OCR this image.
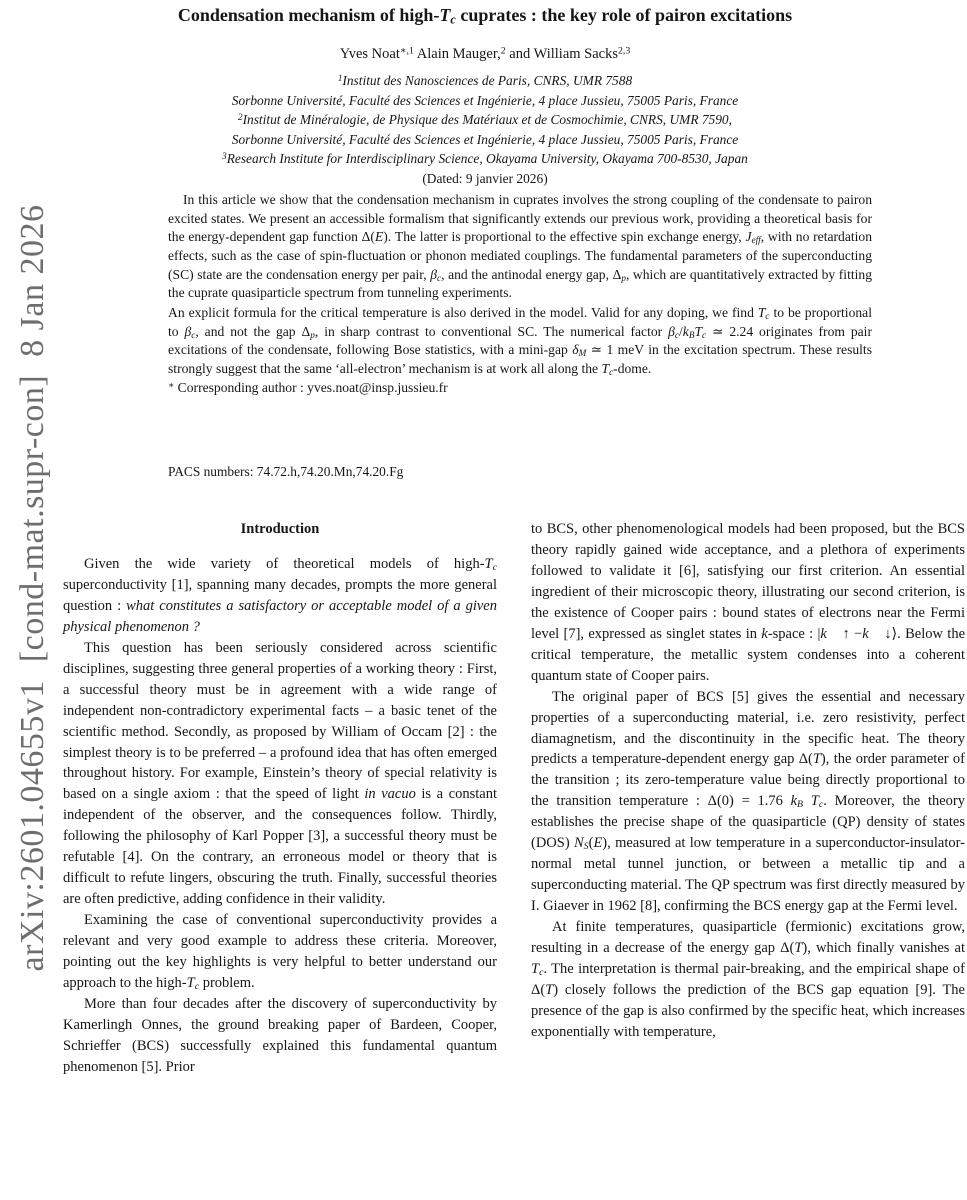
arXiv:2601.04655v1  [cond-mat.supr-con]  8 Jan 2026
Condensation mechanism of high-$T_c$ cuprates : the key role of pairon excitations
Yves Noat$^{∗,1}$ Alain Mauger,$^2$ and William Sacks$^{2,3}$
$^1$Institut des Nanosciences de Paris, CNRS, UMR 7588
Sorbonne Université, Faculté des Sciences et Ingénierie, 4 place Jussieu, 75005 Paris, France
$^2$Institut de Minéralogie, de Physique des Matériaux et de Cosmochimie, CNRS, UMR 7590,
Sorbonne Université, Faculté des Sciences et Ingénierie, 4 place Jussieu, 75005 Paris, France
$^3$Research Institute for Interdisciplinary Science, Okayama University, Okayama 700-8530, Japan
(Dated: 9 janvier 2026)

In this article we show that the condensation mechanism in cuprates involves the strong coupling of the condensate to pairon excited states. We present an accessible formalism that significantly extends our previous work, providing a theoretical basis for the energy-dependent gap function Δ(E). The latter is proportional to the effective spin exchange energy, $J_{eff}$, with no retardation effects, such as the case of spin-fluctuation or phonon mediated couplings. The fundamental parameters of the superconducting (SC) state are the condensation energy per pair, $\beta_c$, and the antinodal energy gap, $\Delta_p$, which are quantitatively extracted by fitting the cuprate quasiparticle spectrum from tunneling experiments.

An explicit formula for the critical temperature is also derived in the model. Valid for any doping, we find $T_c$ to be proportional to $\beta_c$, and not the gap $\Delta_p$, in sharp contrast to conventional SC. The numerical factor $\beta_c/k_BT_c$ ≃ 2.24 originates from pair excitations of the condensate, following Bose statistics, with a mini-gap $\delta_M$ ≃ 1 meV in the excitation spectrum. These results strongly suggest that the same ‘all-electron’ mechanism is at work all along the $T_c$-dome.

∗ Corresponding author : yves.noat@insp.jussieu.fr

PACS numbers: 74.72.h,74.20.Mn,74.20.Fg
Introduction

Given the wide variety of theoretical models of high-$T_c$ superconductivity [1], spanning many decades, prompts the more general question : what constitutes a satisfactory or acceptable model of a given physical phenomenon ?

This question has been seriously considered across scientific disciplines, suggesting three general properties of a working theory : First, a successful theory must be in agreement with a wide range of independent non-contradictory experimental facts – a basic tenet of the scientific method. Secondly, as proposed by William of Occam [2] : the simplest theory is to be preferred – a profound idea that has often emerged throughout history. For example, Einstein’s theory of special relativity is based on a single axiom : that the speed of light in vacuo is a constant independent of the observer, and the consequences follow. Thirdly, following the philosophy of Karl Popper [3], a successful theory must be refutable [4]. On the contrary, an erroneous model or theory that is difficult to refute lingers, obscuring the truth. Finally, successful theories are often predictive, adding confidence in their validity.

Examining the case of conventional superconductivity provides a relevant and very good example to address these criteria. Moreover, pointing out the key highlights is very helpful to better understand our approach to the high-$T_c$ problem.

More than four decades after the discovery of superconductivity by Kamerlingh Onnes, the ground breaking paper of Bardeen, Cooper, Schrieffer (BCS) successfully explained this fundamental quantum phenomenon [5]. Prior

to BCS, other phenomenological models had been proposed, but the BCS theory rapidly gained wide acceptance, and a plethora of experiments followed to validate it [6], satisfying our first criterion. An essential ingredient of their microscopic theory, illustrating our second criterion, is the existence of Cooper pairs : bound states of electrons near the Fermi level [7], expressed as singlet states in k-space : |k⃗ ↑ −k⃗ ↓⟩. Below the critical temperature, the metallic system condenses into a coherent quantum state of Cooper pairs.

The original paper of BCS [5] gives the essential and necessary properties of a superconducting material, i.e. zero resistivity, perfect diamagnetism, and the discontinuity in the specific heat. The theory predicts a temperature-dependent energy gap Δ(T), the order parameter of the transition ; its zero-temperature value being directly proportional to the transition temperature : Δ(0) = 1.76 $k_B$ $T_c$. Moreover, the theory establishes the precise shape of the quasiparticle (QP) density of states (DOS) $N_S(E)$, measured at low temperature in a superconductor-insulator-normal metal tunnel junction, or between a metallic tip and a superconducting material. The QP spectrum was first directly measured by I. Giaever in 1962 [8], confirming the BCS energy gap at the Fermi level.

At finite temperatures, quasiparticle (fermionic) excitations grow, resulting in a decrease of the energy gap Δ(T), which finally vanishes at $T_c$. The interpretation is thermal pair-breaking, and the empirical shape of Δ(T) closely follows the prediction of the BCS gap equation [9]. The presence of the gap is also confirmed by the specific heat, which increases exponentially with temperature,
